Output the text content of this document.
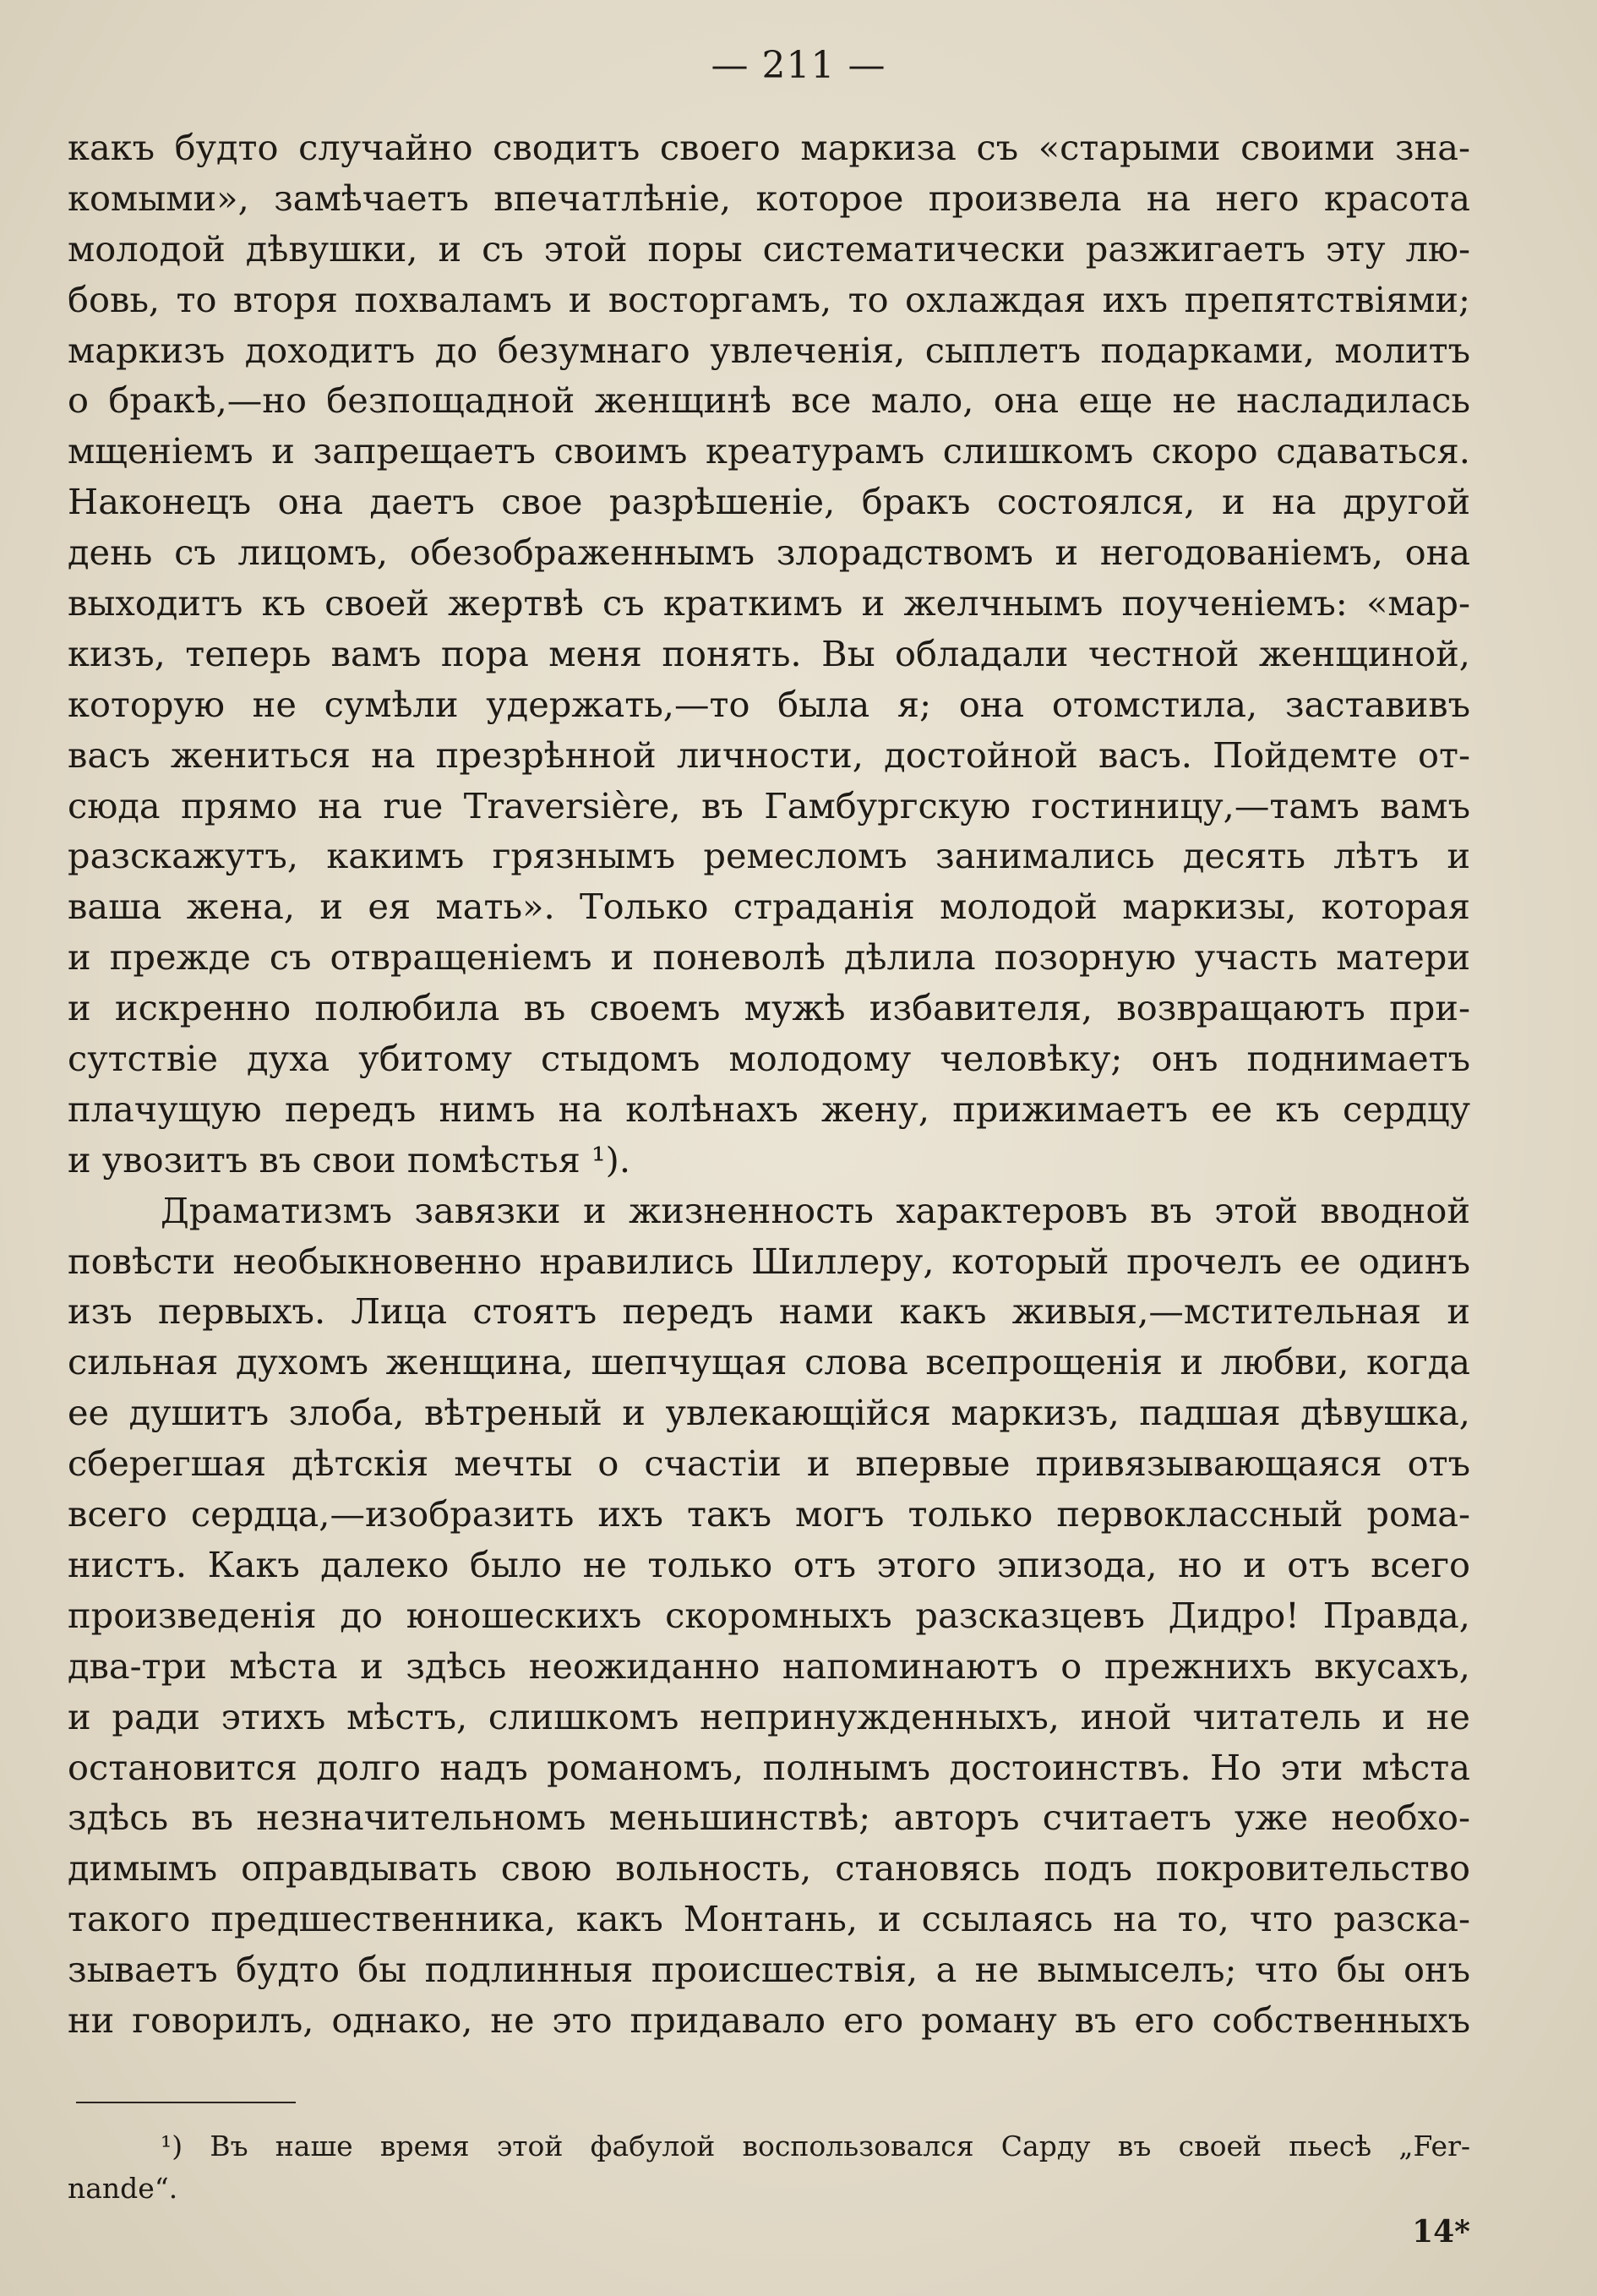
— 211 —
какъ будто случайно сводитъ своего маркиза съ «старыми своими зна-
комыми», замѣчаетъ впечатлѣніе, которое произвела на него красота
молодой дѣвушки, и съ этой поры систематически разжигаетъ эту лю-
бовь, то вторя похваламъ и восторгамъ, то охлаждая ихъ препятствіями;
маркизъ доходитъ до безумнаго увлеченія, сыплетъ подарками, молитъ
о бракѣ,—но безпощадной женщинѣ все мало, она еще не насладилась
мщеніемъ и запрещаетъ своимъ креатурамъ слишкомъ скоро сдаваться.
Наконецъ она даетъ свое разрѣшеніе, бракъ состоялся, и на другой
день съ лицомъ, обезображеннымъ злорадствомъ и негодованіемъ, она
выходитъ къ своей жертвѣ съ краткимъ и желчнымъ поученіемъ: «мар-
кизъ, теперь вамъ пора меня понять. Вы обладали честной женщиной,
которую не сумѣли удержать,—то была я; она отомстила, заставивъ
васъ жениться на презрѣнной личности, достойной васъ. Пойдемте от-
сюда прямо на rue Traversière, въ Гамбургскую гостиницу,—тамъ вамъ
разскажутъ, какимъ грязнымъ ремесломъ занимались десять лѣтъ и
ваша жена, и ея мать». Только страданія молодой маркизы, которая
и прежде съ отвращеніемъ и поневолѣ дѣлила позорную участь матери
и искренно полюбила въ своемъ мужѣ избавителя, возвращаютъ при-
сутствіе духа убитому стыдомъ молодому человѣку; онъ поднимаетъ
плачущую передъ нимъ на колѣнахъ жену, прижимаетъ ее къ сердцу
и увозитъ въ свои помѣстья ¹).
Драматизмъ завязки и жизненность характеровъ въ этой вводной
повѣсти необыкновенно нравились Шиллеру, который прочелъ ее одинъ
изъ первыхъ. Лица стоятъ передъ нами какъ живыя,—мстительная и
сильная духомъ женщина, шепчущая слова всепрощенія и любви, когда
ее душитъ злоба, вѣтреный и увлекающійся маркизъ, падшая дѣвушка,
сберегшая дѣтскія мечты о счастіи и впервые привязывающаяся отъ
всего сердца,—изобразить ихъ такъ могъ только первоклассный рома-
нистъ. Какъ далеко было не только отъ этого эпизода, но и отъ всего
произведенія до юношескихъ скоромныхъ разсказцевъ Дидро! Правда,
два-три мѣста и здѣсь неожиданно напоминаютъ о прежнихъ вкусахъ,
и ради этихъ мѣстъ, слишкомъ непринужденныхъ, иной читатель и не
остановится долго надъ романомъ, полнымъ достоинствъ. Но эти мѣста
здѣсь въ незначительномъ меньшинствѣ; авторъ считаетъ уже необхо-
димымъ оправдывать свою вольность, становясь подъ покровительство
такого предшественника, какъ Монтань, и ссылаясь на то, что разска-
зываетъ будто бы подлинныя происшествія, а не вымыселъ; что бы онъ
ни говорилъ, однако, не это придавало его роману въ его собственныхъ
¹) Въ наше время этой фабулой воспользовался Сарду въ своей пьесѣ „Fer-
nande“.
14*
